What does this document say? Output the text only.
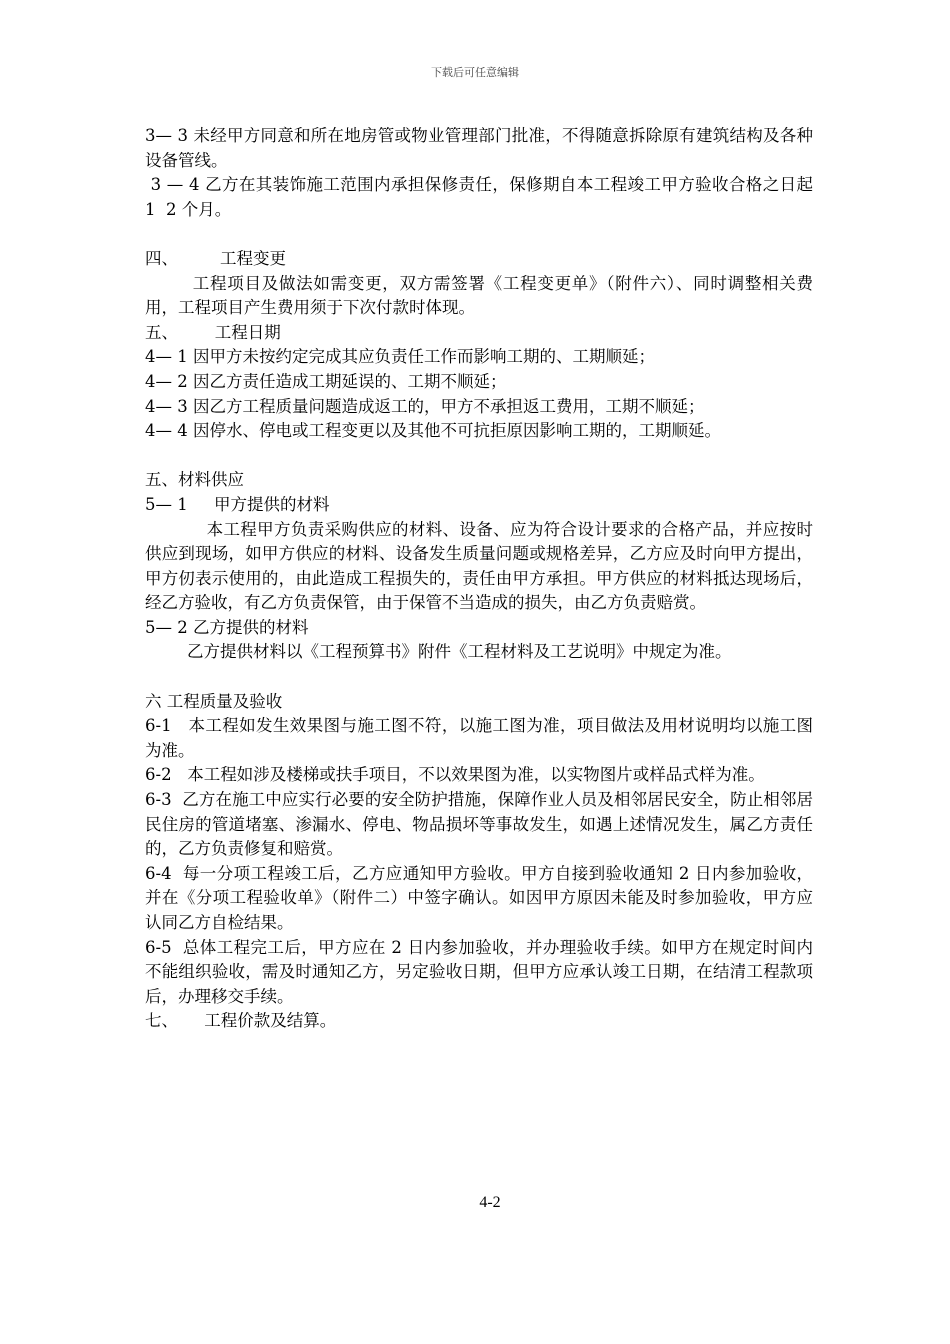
下载后可任意编辑

3— 3 未经甲方同意和所在地房管或物业管理部门批准，不得随意拆除原有建筑结构及各种设备管线。

3 — 4 乙方在其装饰施工范围内承担保修责任，保修期自本工程竣工甲方验收合格之日起 1  2 个月。

四、        工程变更

工程项目及做法如需变更，双方需签署《工程变更单》（附件六）、同时调整相关费用，工程项目产生费用须于下次付款时体现。

五、       工程日期

4— 1 因甲方未按约定完成其应负责任工作而影响工期的、工期顺延；

4— 2 因乙方责任造成工期延误的、工期不顺延；

4— 3 因乙方工程质量问题造成返工的，甲方不承担返工费用，工期不顺延；

4— 4 因停水、停电或工程变更以及其他不可抗拒原因影响工期的，工期顺延。

五、材料供应

5— 1     甲方提供的材料

本工程甲方负责采购供应的材料、设备、应为符合设计要求的合格产品，并应按时供应到现场，如甲方供应的材料、设备发生质量问题或规格差异，乙方应及时向甲方提出，甲方仞表示使用的，由此造成工程损失的，责任由甲方承担。甲方供应的材料抵达现场后，经乙方验收，有乙方负责保管，由于保管不当造成的损失，由乙方负责赔赏。

5— 2 乙方提供的材料

乙方提供材料以《工程预算书》附件《工程材料及工艺说明》中规定为准。

六 工程质量及验收

6-1   本工程如发生效果图与施工图不符，以施工图为准，项目做法及用材说明均以施工图为准。

6-2   本工程如涉及楼梯或扶手项目，不以效果图为准，以实物图片或样品式样为准。

6-3  乙方在施工中应实行必要的安全防护措施，保障作业人员及相邻居民安全，防止相邻居民住房的管道堵塞、渗漏水、停电、物品损坏等事故发生，如遇上述情况发生，属乙方责任的，乙方负责修复和赔赏。

6-4  每一分项工程竣工后，乙方应通知甲方验收。甲方自接到验收通知 2 日内参加验收，并在《分项工程验收单》（附件二）中签字确认。如因甲方原因未能及时参加验收，甲方应认同乙方自检结果。

6-5  总体工程完工后，甲方应在 2 日内参加验收，并办理验收手续。如甲方在规定时间内不能组织验收，需及时通知乙方，另定验收日期，但甲方应承认竣工日期，在结清工程款项后，办理移交手续。

七、     工程价款及结算。

4-2
